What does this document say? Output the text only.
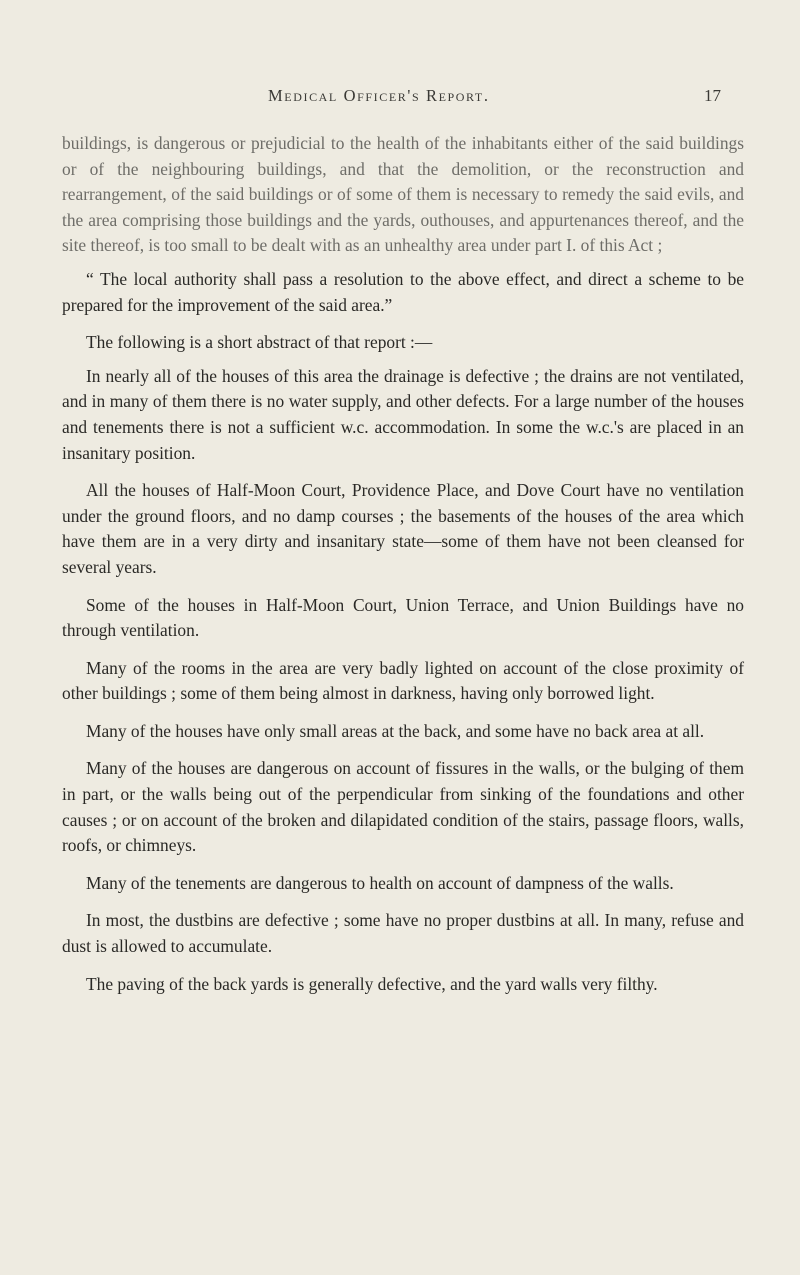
Medical Officer's Report.	17

buildings, is dangerous or prejudicial to the health of the inhabitants either of the said buildings or of the neighbouring buildings, and that the demolition, or the reconstruction and rearrangement, of the said buildings or of some of them is necessary to remedy the said evils, and the area comprising those buildings and the yards, outhouses, and appurtenances thereof, and the site thereof, is too small to be dealt with as an unhealthy area under part I. of this Act ;

“ The local authority shall pass a resolution to the above effect, and direct a scheme to be prepared for the improvement of the said area.”

The following is a short abstract of that report :—

In nearly all of the houses of this area the drainage is defective ; the drains are not ventilated, and in many of them there is no water supply, and other defects. For a large number of the houses and tenements there is not a sufficient w.c. accommodation. In some the w.c.'s are placed in an insanitary position.

All the houses of Half-Moon Court, Providence Place, and Dove Court have no ventilation under the ground floors, and no damp courses ; the basements of the houses of the area which have them are in a very dirty and insanitary state—some of them have not been cleansed for several years.

Some of the houses in Half-Moon Court, Union Terrace, and Union Buildings have no through ventilation.

Many of the rooms in the area are very badly lighted on account of the close proximity of other buildings ; some of them being almost in darkness, having only borrowed light.

Many of the houses have only small areas at the back, and some have no back area at all.

Many of the houses are dangerous on account of fissures in the walls, or the bulging of them in part, or the walls being out of the perpendicular from sinking of the foundations and other causes ; or on account of the broken and dilapidated condition of the stairs, passage floors, walls, roofs, or chimneys.

Many of the tenements are dangerous to health on account of dampness of the walls.

In most, the dustbins are defective ; some have no proper dustbins at all. In many, refuse and dust is allowed to accumulate.

The paving of the back yards is generally defective, and the yard walls very filthy.
